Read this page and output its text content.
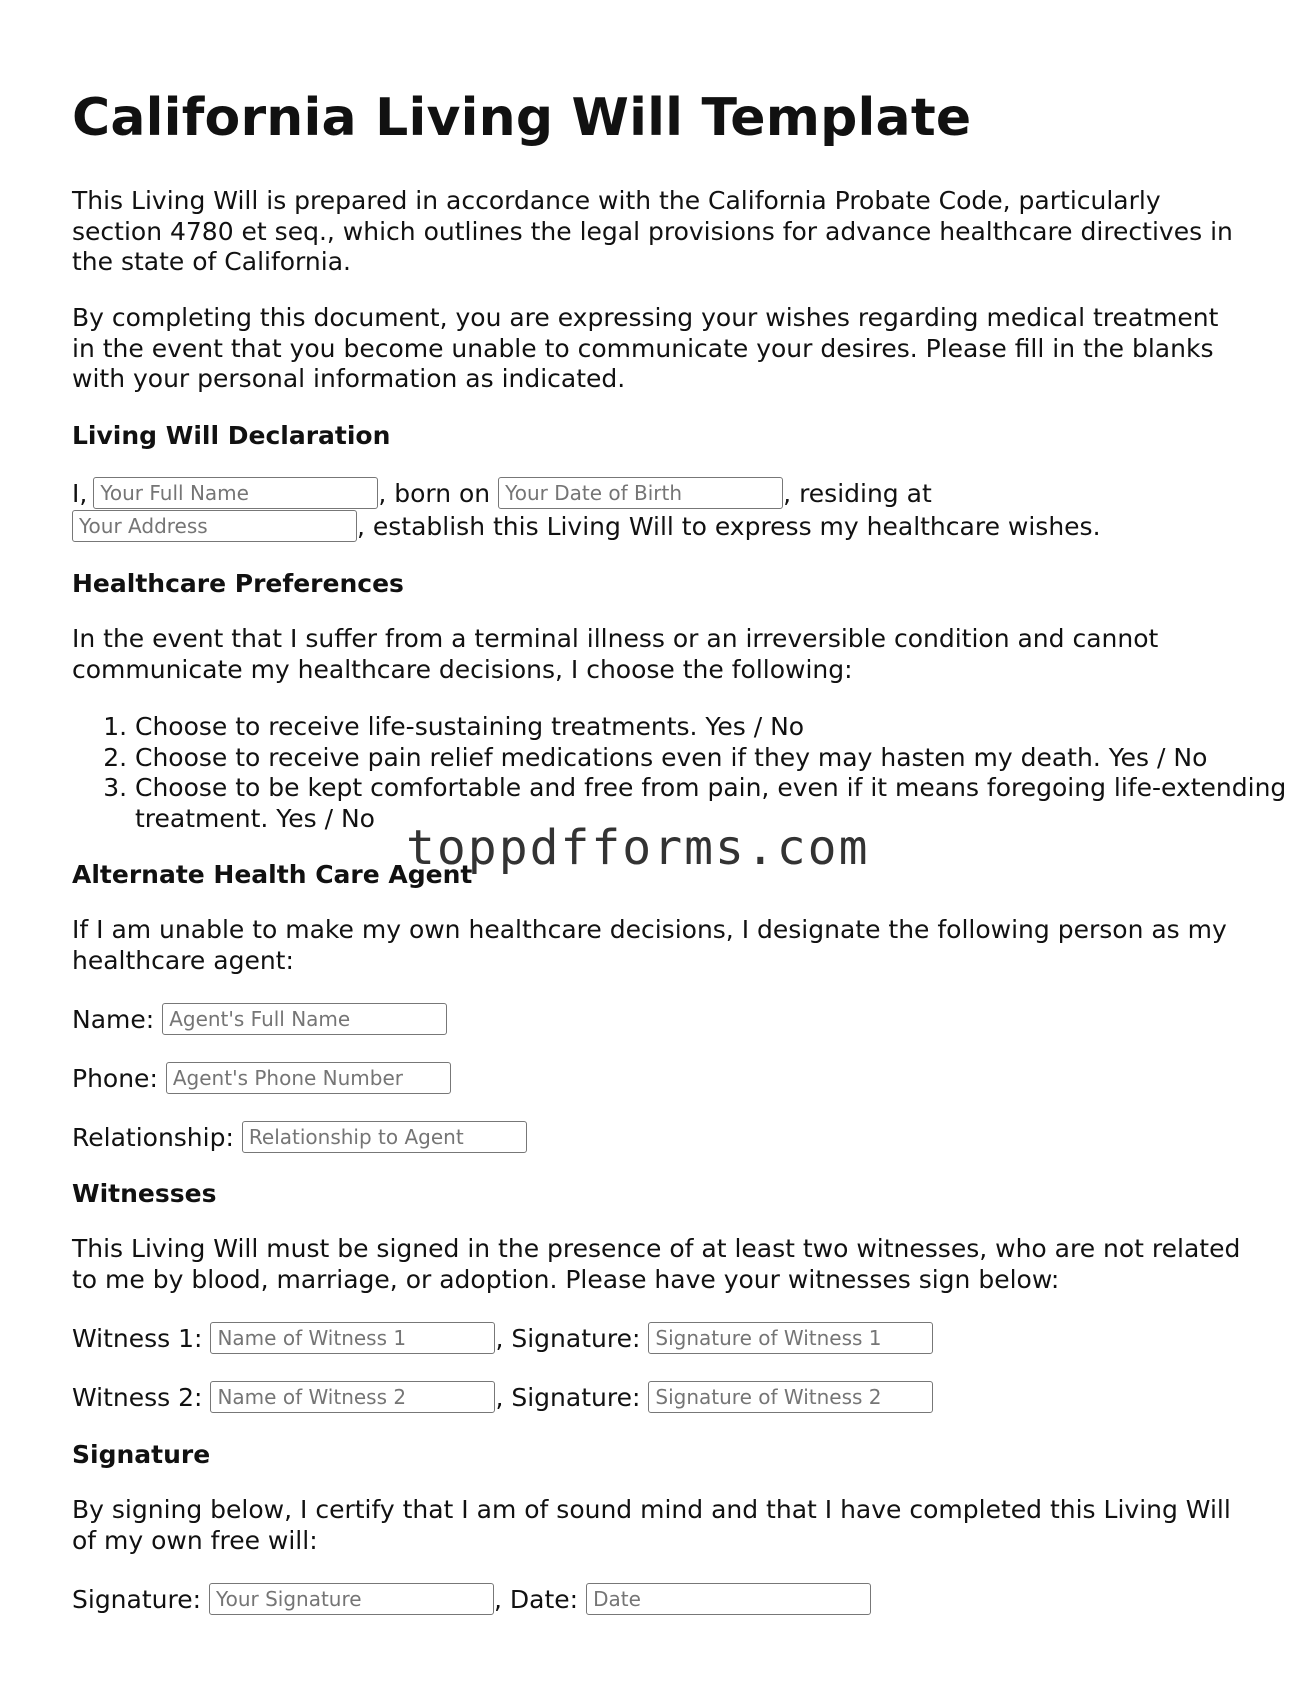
California Living Will Template

This Living Will is prepared in accordance with the California Probate Code, particularly section 4780 et seq., which outlines the legal provisions for advance healthcare directives in the state of California.

By completing this document, you are expressing your wishes regarding medical treatment in the event that you become unable to communicate your desires. Please fill in the blanks with your personal information as indicated.

Living Will Declaration
I,
Your Full Name	, born on
Your Date of Birth	, residing at
Your Address
, establish this Living Will to express my healthcare wishes.
Healthcare Preferences

In the event that I suffer from a terminal illness or an irreversible condition and cannot communicate my healthcare decisions, I choose the following:

1. Choose to receive life-sustaining treatments. Yes / No
2. Choose to receive pain relief medications even if they may hasten my death. Yes / No
3. Choose to be kept comfortable and free from pain, even if it means foregoing life-extending treatment. Yes / No
Alternate Health Care Agent

If I am unable to make my own healthcare decisions, I designate the following person as my healthcare agent:

Name:
Agent's Full Name
Phone:
Agent's Phone Number
Relationship:
Relationship to Agent
Witnesses

This Living Will must be signed in the presence of at least two witnesses, who are not related to me by blood, marriage, or adoption. Please have your witnesses sign below:

Witness 1:
Name of Witness 1	, Signature:
Signature of Witness 1
Witness 2:
Name of Witness 2	, Signature:
Signature of Witness 2
Signature

By signing below, I certify that I am of sound mind and that I have completed this Living Will of my own free will:

Signature:
Your Signature	, Date:
Date
toppdfforms.com
